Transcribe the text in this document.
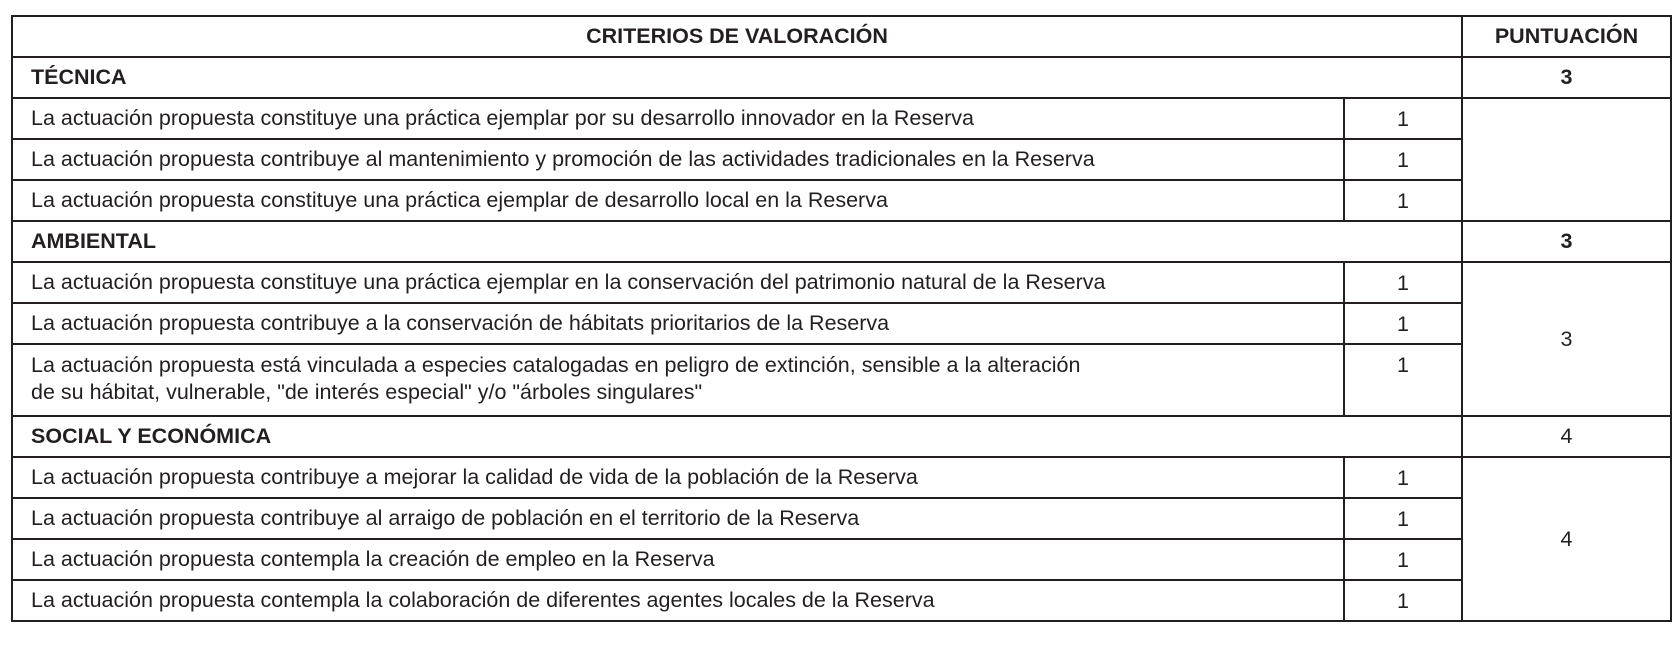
CRITERIOS DE VALORACIÓN		PUNTUACIÓN
TÉCNICA		3
La actuación propuesta constituye una práctica ejemplar por su desarrollo innovador en la Reserva	1	
La actuación propuesta contribuye al mantenimiento y promoción de las actividades tradicionales en la Reserva	1	
La actuación propuesta constituye una práctica ejemplar de desarrollo local en la Reserva	1	
AMBIENTAL		3
La actuación propuesta constituye una práctica ejemplar en la conservación del patrimonio natural de la Reserva	1	3
La actuación propuesta contribuye a la conservación de hábitats prioritarios de la Reserva	1	
La actuación propuesta está vinculada a especies catalogadas en peligro de extinción, sensible a la alteración
de su hábitat, vulnerable, "de interés especial" y/o "árboles singulares"	1	
SOCIAL Y ECONÓMICA		4
La actuación propuesta contribuye a mejorar la calidad de vida de la población de la Reserva	1	4
La actuación propuesta contribuye al arraigo de población en el territorio de la Reserva	1	
La actuación propuesta contempla la creación de empleo en la Reserva	1	
La actuación propuesta contempla la colaboración de diferentes agentes locales de la Reserva	1	
